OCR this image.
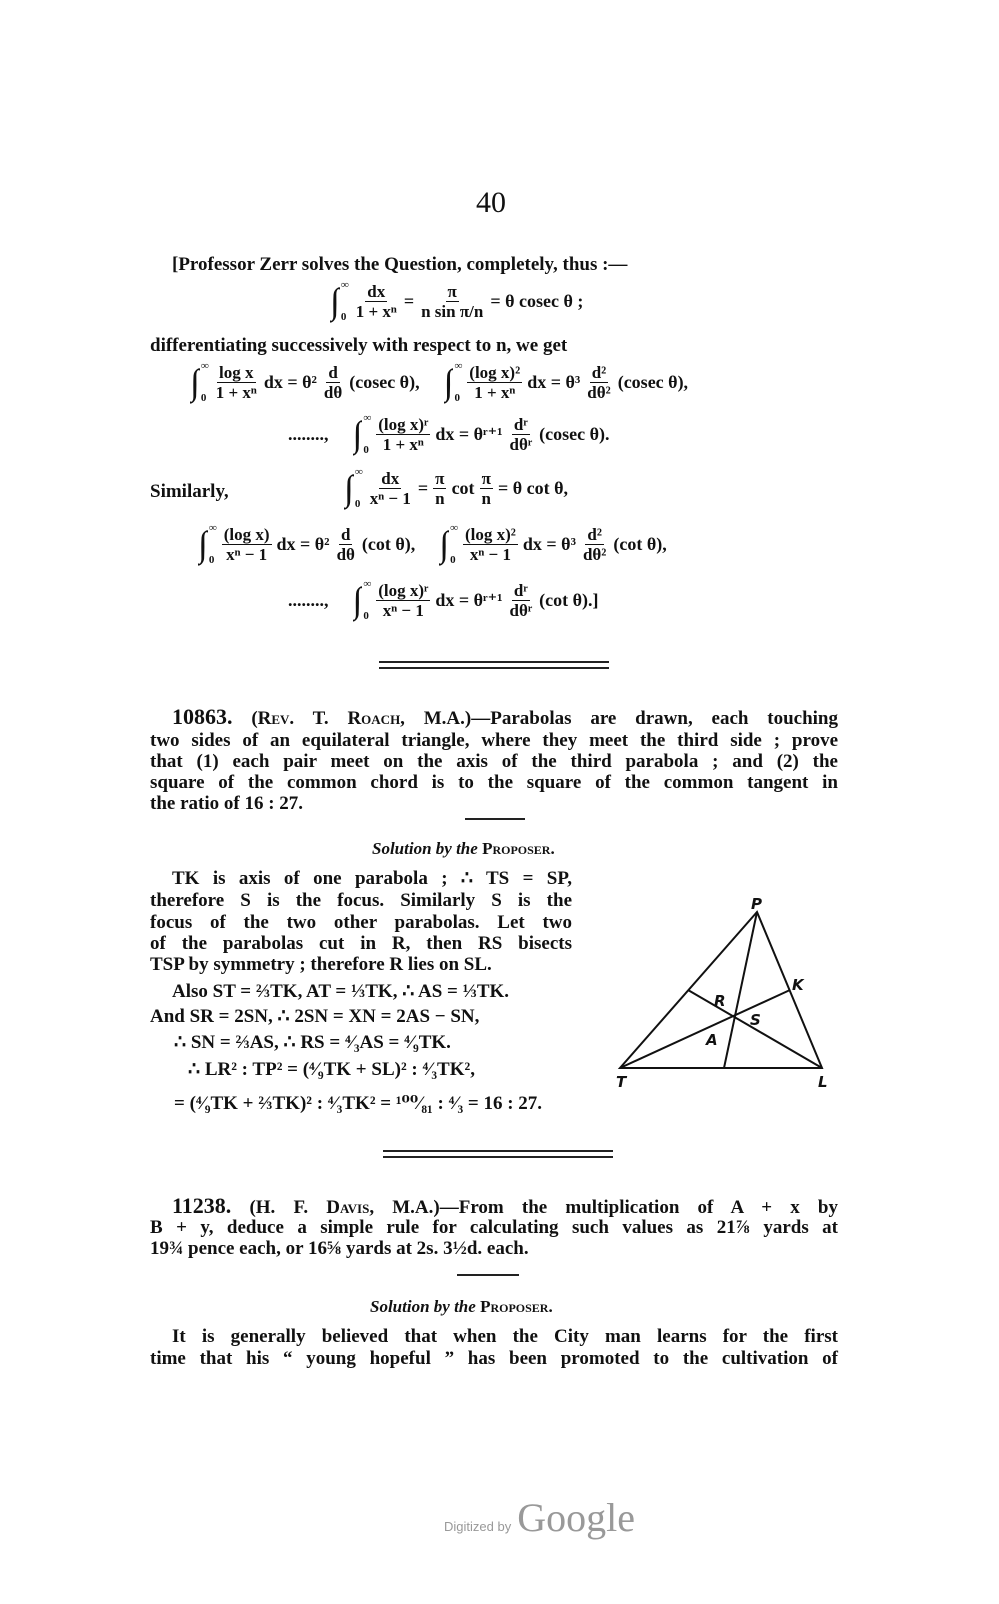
40
[Professor Zerr solves the Question, completely, thus :—
∫ ∞
$0 \frac{dx}{\text{1 + xⁿ}} = \frac{\pi}{\text{n sin π/n}} = \theta$ cosec θ ;
differentiating successively with respect to n, we get
∫ ∞
$0 \frac{\text{log x}}{\text{1 + xⁿ}}$ dx = $\theta^2 \frac{d}{d\theta} (cosec$ θ), ∫ ∞
$0 \frac{\text{(log x)²}}{\text{1 + xⁿ}}$ dx = $\theta^3 \frac{\text{d²}}{\text{dθ²}} (cosec$ θ),
........, ∫ ∞
$0 \frac{\text{(log x)ʳ}}{\text{1 + xⁿ}}$ dx = θʳ⁺¹ $\frac{\text{dʳ}}{\text{dθʳ}} (cosec$ θ).
Similarly,	∫ ∞
$0 \frac{dx}{\text{xⁿ − 1}} = \frac{\pi}{n}$ $\cot \frac{\pi}{n} = \theta$ cot θ,
∫ ∞
$0 \frac{\text{(log x)}}{\text{xⁿ − 1}}$ dx = $\theta^2 \frac{d}{d\theta} (\cot$ θ), ∫ ∞
$0 \frac{\text{(log x)²}}{\text{xⁿ − 1}}$ dx = $\theta^3 \frac{\text{d²}}{\text{dθ²}} (\cot$ θ),
........, ∫ ∞
$0 \frac{\text{(log x)ʳ}}{\text{xⁿ − 1}}$ dx = θʳ⁺¹ $\frac{\text{dʳ}}{\text{dθʳ}} (\cot$ θ).]
10863. (Rev. T. Roach, M.A.)—Parabolas are drawn, each touching
two sides of an equilateral triangle, where they meet the third side ; prove
that (1) each pair meet on the axis of the third parabola ; and (2) the
square of the common chord is to the square of the common tangent in
the ratio of 16 : 27.
Solution by the Proposer.
TK is axis of one parabola ; ∴ TS = SP,
therefore S is the focus. Similarly S is the
focus of the two other parabolas. Let two
of the parabolas cut in R, then RS bisects
TSP by symmetry ; therefore R lies on SL.
Also ST = ⅔TK, AT = ⅓TK, ∴ AS = ⅓TK.
And SR = 2SN, ∴ 2SN = XN = 2AS − SN,
∴ SN = ⅔AS, ∴ RS = ⁴⁄₃AS = ⁴⁄₉TK.
∴ LR² : TP² = (⁴⁄₉TK + SL)² : ⁴⁄₃TK²,
= (⁴⁄₉TK + ⅔TK)² : ⁴⁄₃TK² = ¹⁰⁰⁄₈₁ : ⁴⁄₃ = 16 : 27.
P
K
R
S
A
T	L
11238. (H. F. Davis, M.A.)—From the multiplication of A + x by
B + y, deduce a simple rule for calculating such values as 21⅞ yards at
19¾ pence each, or 16⅝ yards at 2s. 3½d. each.
Solution by the Proposer.
It is generally believed that when the City man learns for the first
time that his “ young hopeful ” has been promoted to the cultivation of
Digitized by Google
